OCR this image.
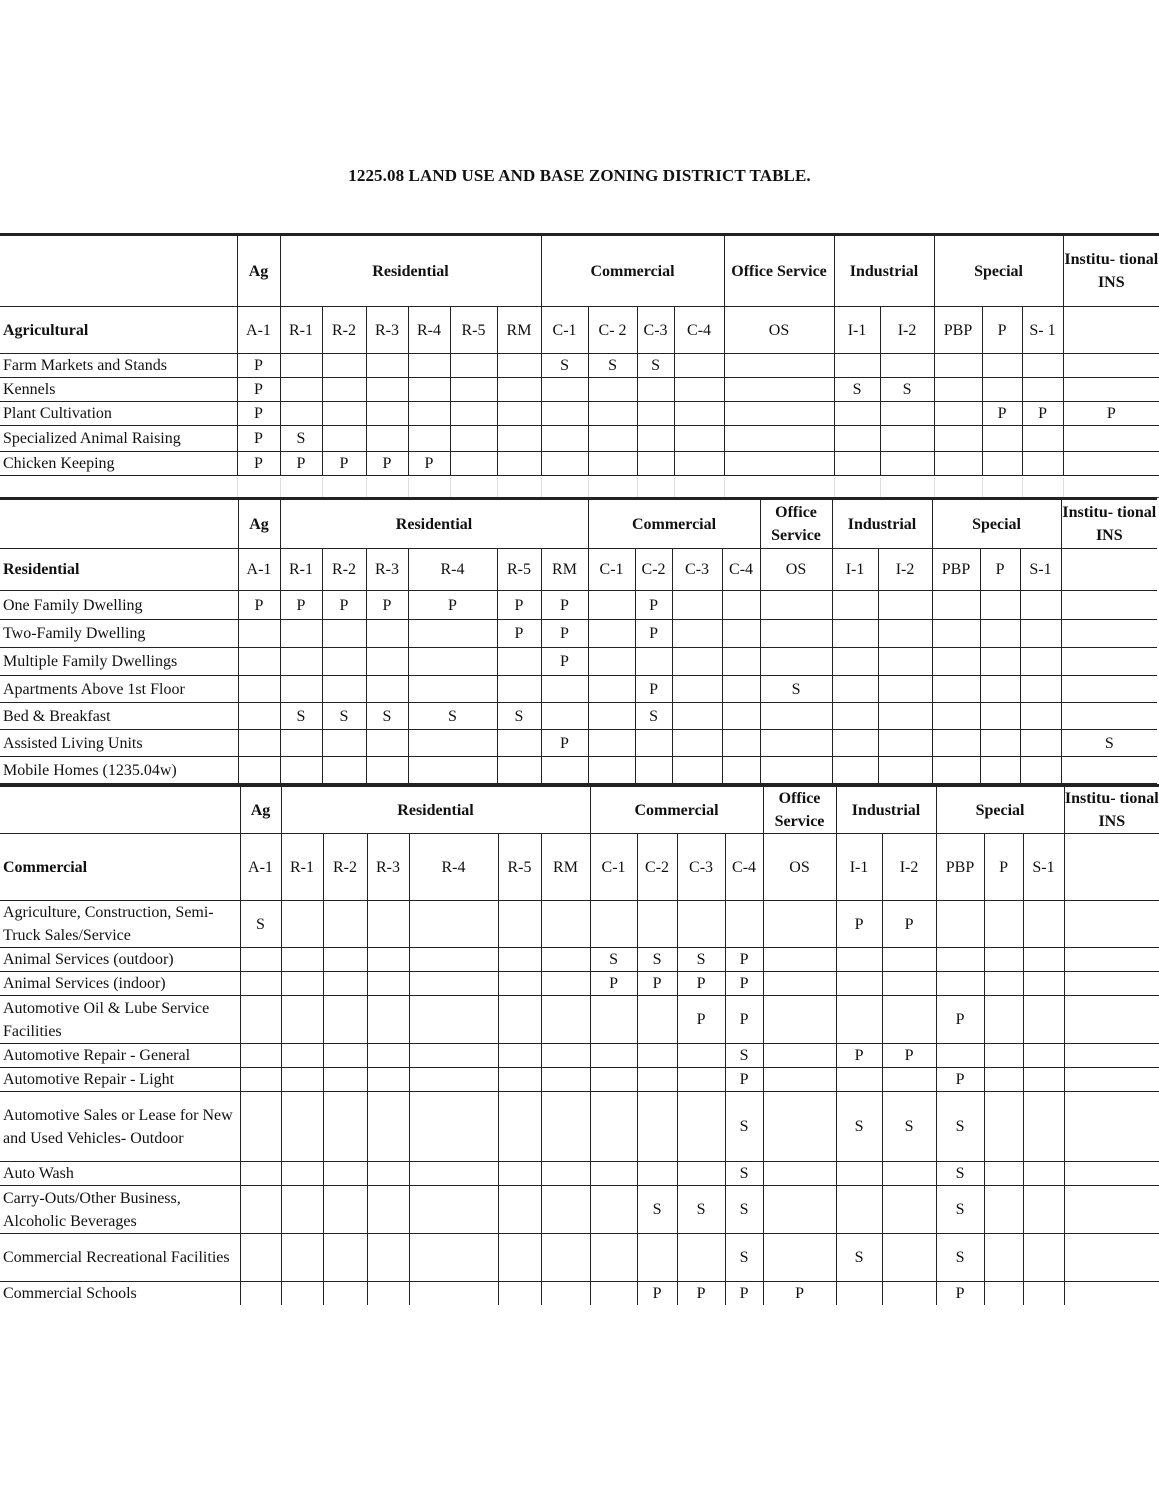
1225.08 LAND USE AND BASE ZONING DISTRICT TABLE.
	Ag	Residential						Commercial				Office Service	Industrial		Special			Institu- tional INS
Agricultural	A-1	R-1	R-2	R-3	R-4	R-5	RM	C-1	C- 2	C-3	C-4	OS	I-1	I-2	PBP	P	S- 1	
Farm Markets and Stands	P							S	S	S								
Kennels	P												S	S				
Plant Cultivation	P															P	P	P
Specialized Animal Raising	P	S																
Chicken Keeping	P	P	P	P	P													
	Ag	Residential						Commercial				Office Service	Industrial		Special			Institu- tional INS
Residential	A-1	R-1	R-2	R-3	R-4	R-5	RM	C-1	C-2	C-3	C-4	OS	I-1	I-2	PBP	P	S-1	
One Family Dwelling	P	P	P	P	P	P	P		P									
Two-Family Dwelling						P	P		P									
Multiple Family Dwellings							P											
Apartments Above 1st Floor									P			S						
Bed & Breakfast		S	S	S	S	S			S									
Assisted Living Units							P											S
Mobile Homes (1235.04w)																		
	Ag	Residential						Commercial				Office Service	Industrial		Special			Institu- tional INS
Commercial	A-1	R-1	R-2	R-3	R-4	R-5	RM	C-1	C-2	C-3	C-4	OS	I-1	I-2	PBP	P	S-1	
Agriculture, Construction, Semi- Truck Sales/Service	S												P	P				
Animal Services (outdoor)								S	S	S	P							
Animal Services (indoor)								P	P	P	P							
Automotive Oil & Lube Service Facilities										P	P				P			
Automotive Repair - General											S		P	P				
Automotive Repair - Light											P				P			
Automotive Sales or Lease for New and Used Vehicles- Outdoor											S		S	S	S			
Auto Wash											S				S			
Carry-Outs/Other Business, Alcoholic Beverages									S	S	S				S			
Commercial Recreational Facilities											S		S		S			
Commercial Schools									P	P	P	P			P			
